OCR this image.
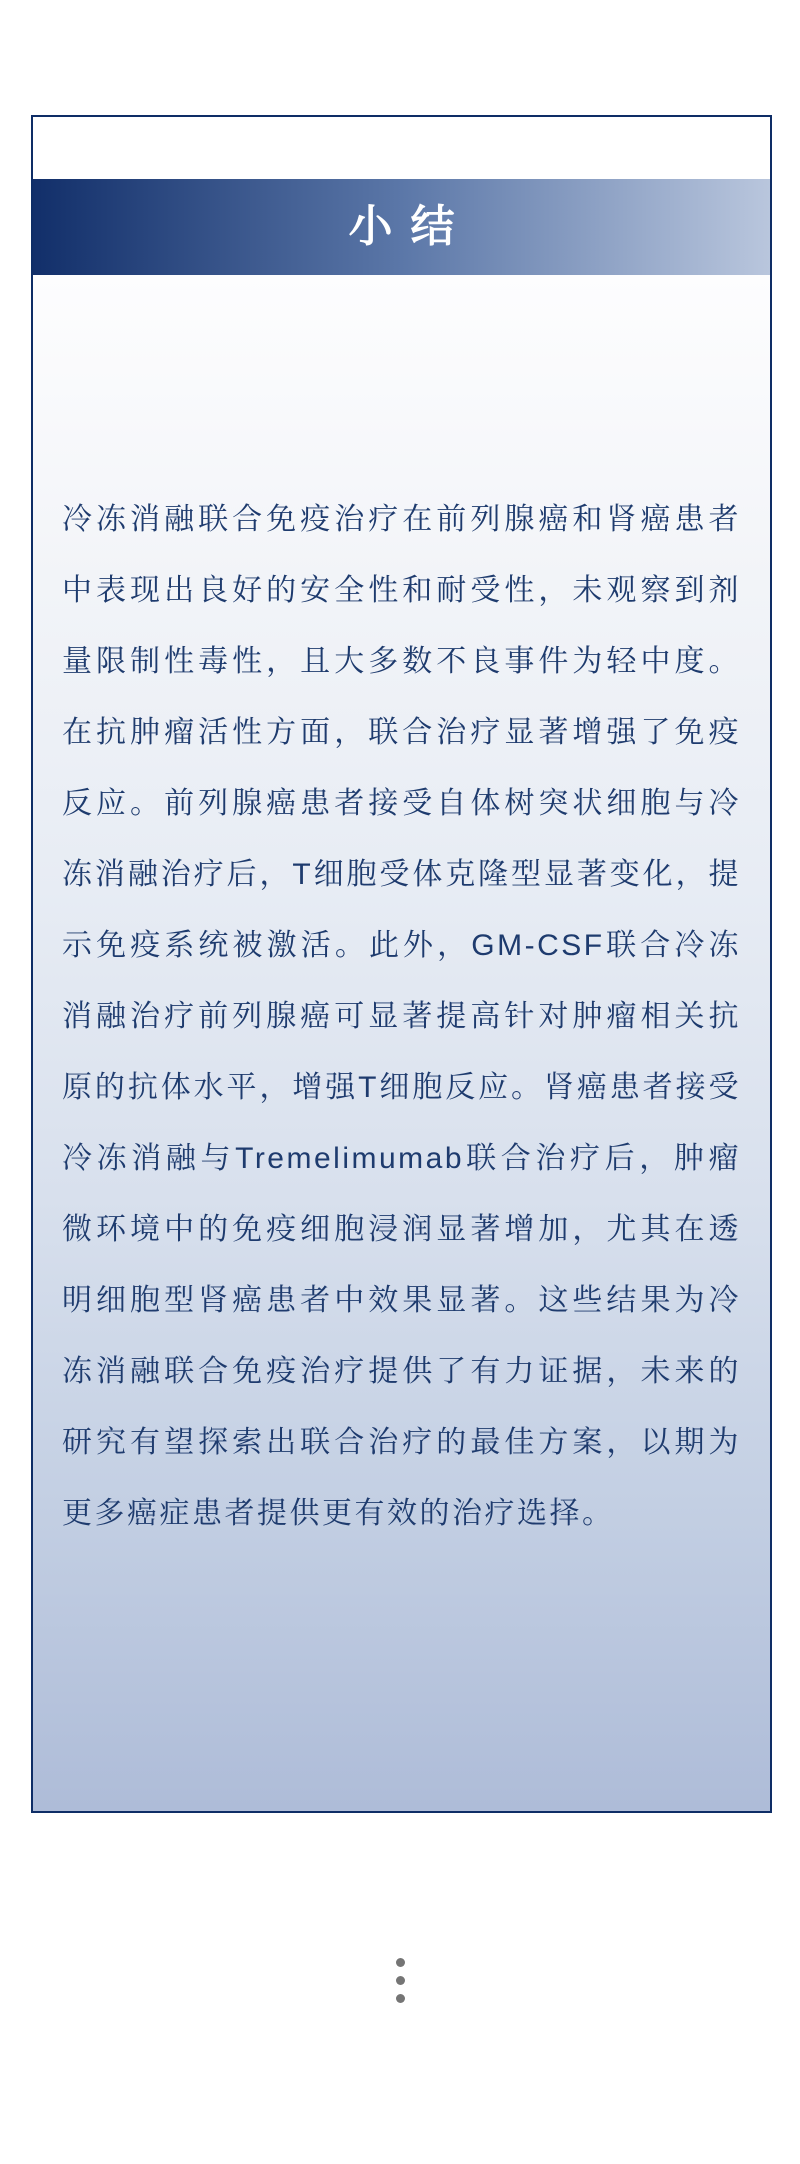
小结

冷冻消融联合免疫治疗在前列腺癌和肾癌患者中表现出良好的安全性和耐受性，未观察到剂量限制性毒性，且大多数不良事件为轻中度。在抗肿瘤活性方面，联合治疗显著增强了免疫反应。前列腺癌患者接受自体树突状细胞与冷冻消融治疗后，T细胞受体克隆型显著变化，提示免疫系统被激活。此外，GM-CSF联合冷冻消融治疗前列腺癌可显著提高针对肿瘤相关抗原的抗体水平，增强T细胞反应。肾癌患者接受冷冻消融与Tremelimumab联合治疗后，肿瘤微环境中的免疫细胞浸润显著增加，尤其在透明细胞型肾癌患者中效果显著。这些结果为冷冻消融联合免疫治疗提供了有力证据，未来的研究有望探索出联合治疗的最佳方案，以期为更多癌症患者提供更有效的治疗选择。
